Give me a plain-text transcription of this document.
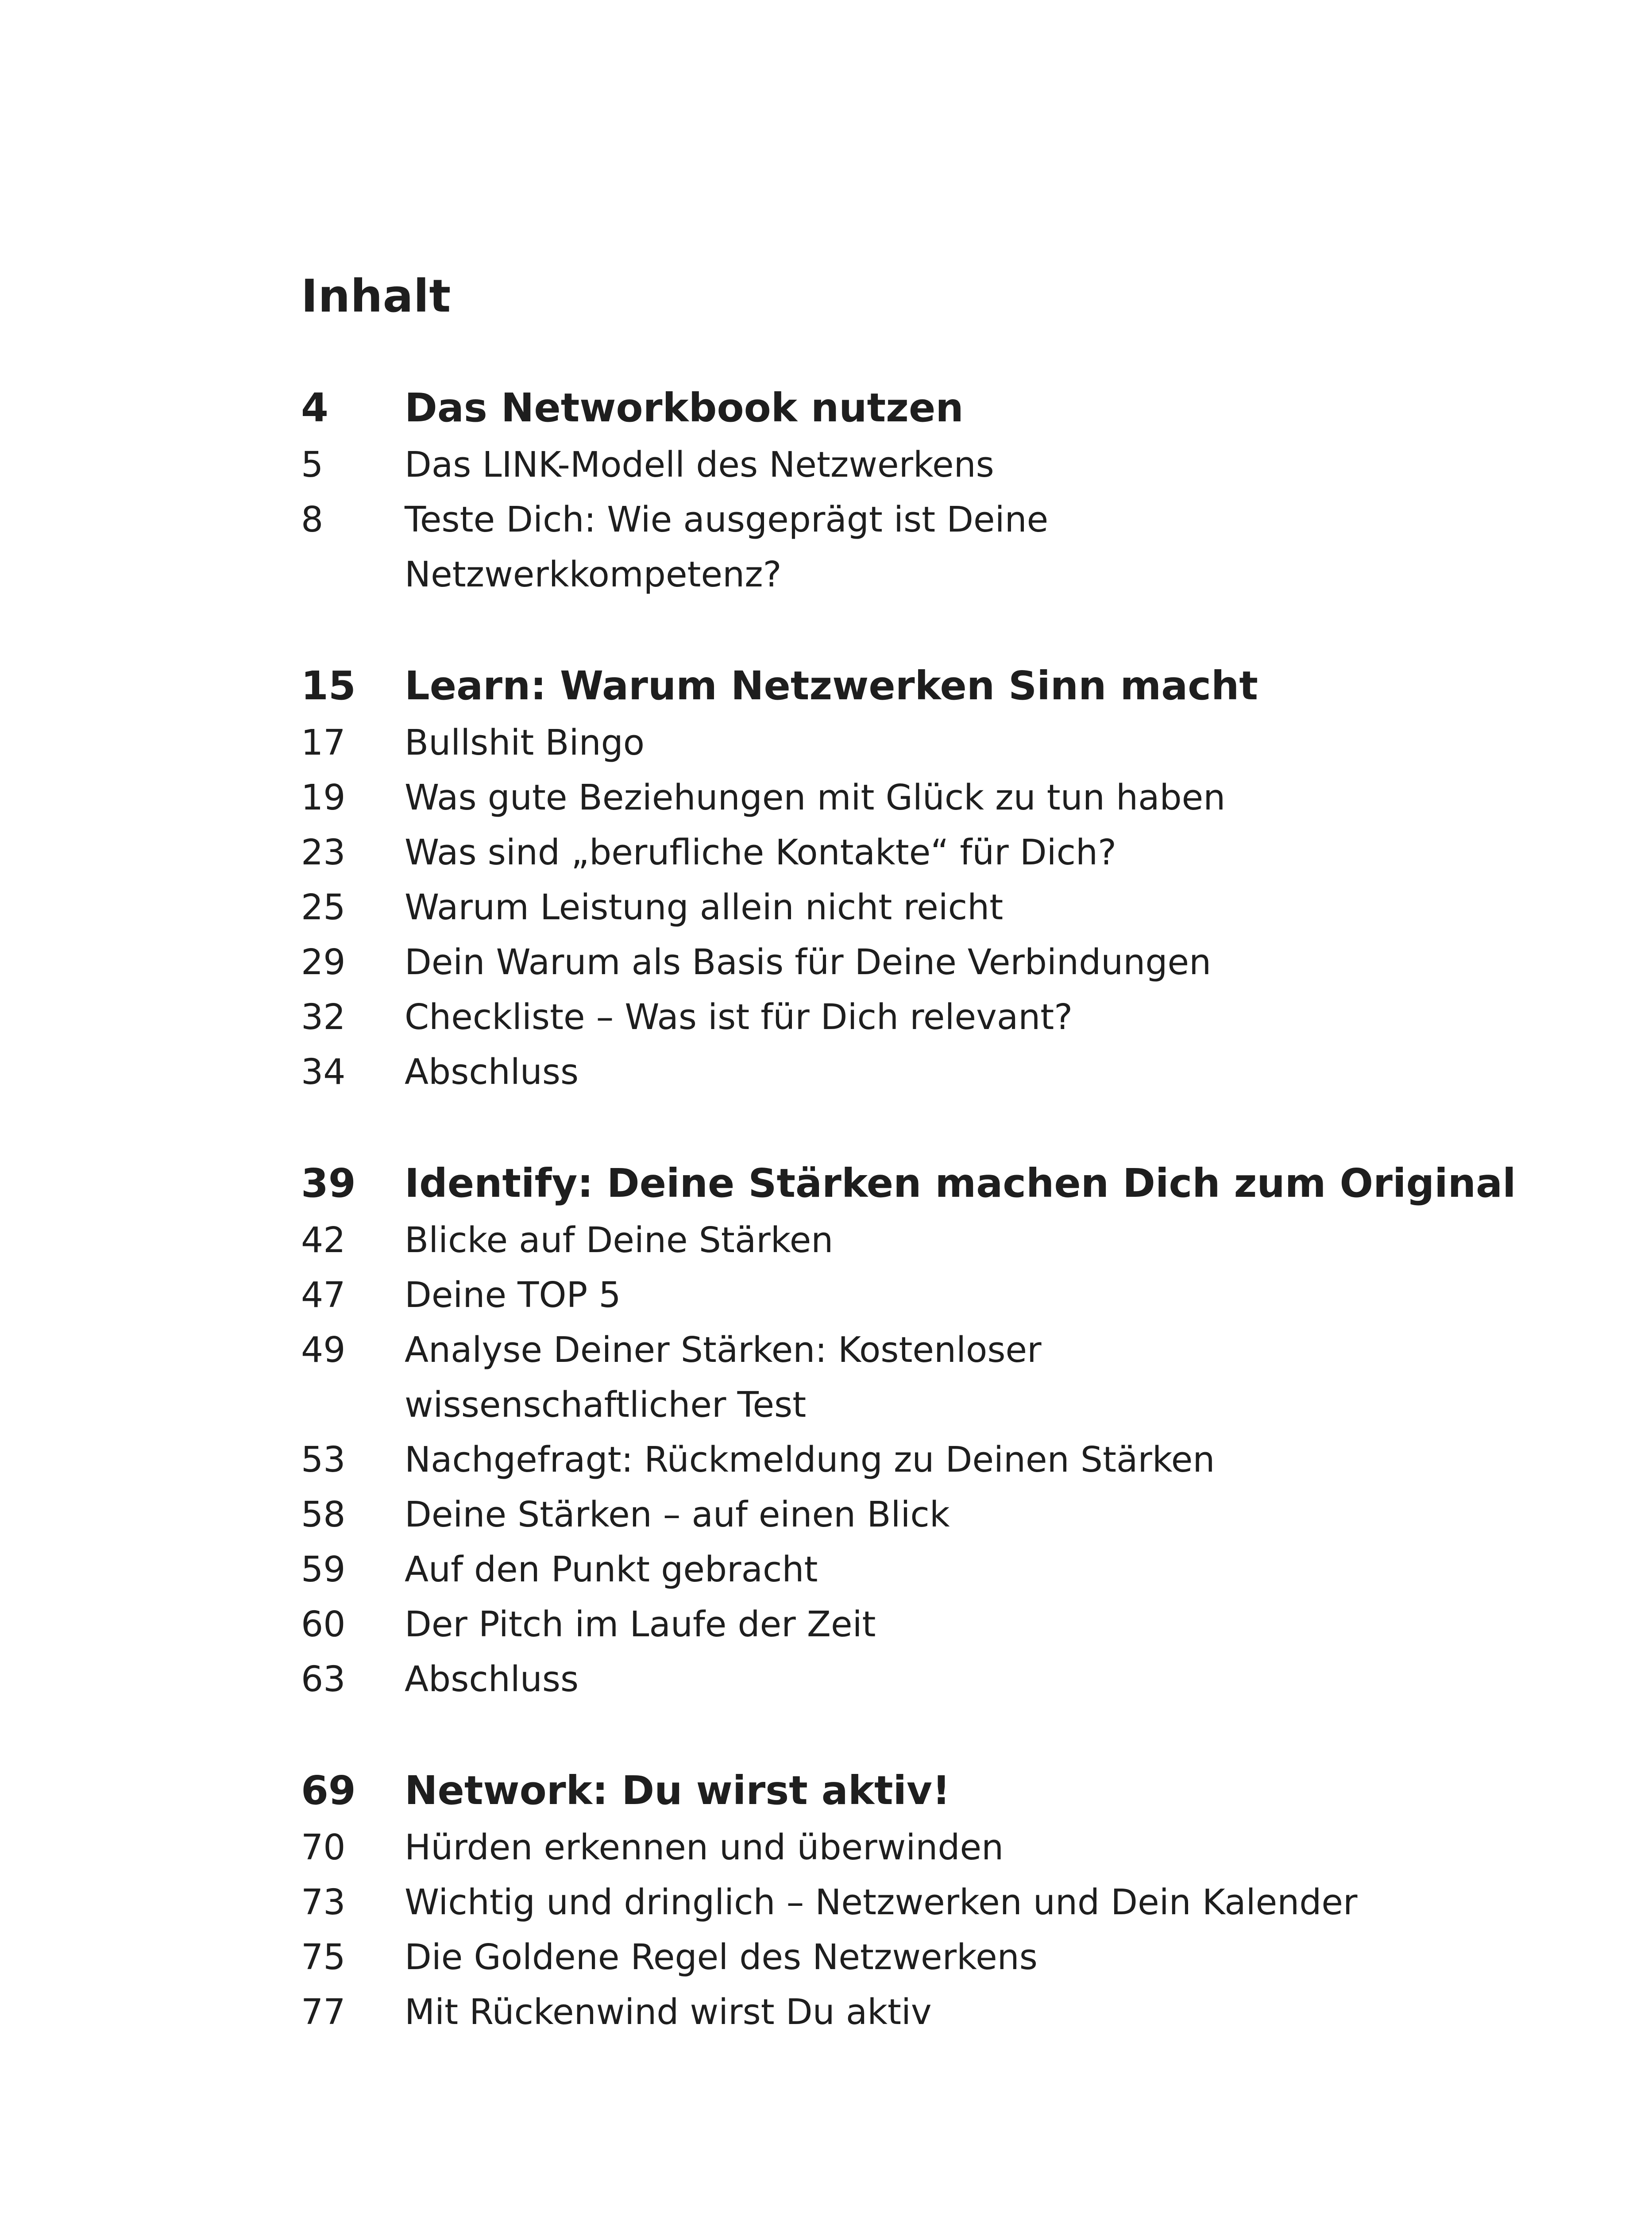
Inhalt
4	Das Networkbook nutzen
5	Das LINK-Modell des Netzwerkens
8	Teste Dich: Wie ausgeprägt ist Deine Netzwerkkompetenz?
15	Learn: Warum Netzwerken Sinn macht
17	Bullshit Bingo
19	Was gute Beziehungen mit Glück zu tun haben
23	Was sind „berufliche Kontakte“ für Dich?
25	Warum Leistung allein nicht reicht
29	Dein Warum als Basis für Deine Verbindungen
32	Checkliste – Was ist für Dich relevant?
34	Abschluss
39	Identify: Deine Stärken machen Dich zum Original
42	Blicke auf Deine Stärken
47	Deine TOP 5
49	Analyse Deiner Stärken: Kostenloser wissenschaftlicher Test
53	Nachgefragt: Rückmeldung zu Deinen Stärken
58	Deine Stärken – auf einen Blick
59	Auf den Punkt gebracht
60	Der Pitch im Laufe der Zeit
63	Abschluss
69	Network: Du wirst aktiv!
70	Hürden erkennen und überwinden
73	Wichtig und dringlich – Netzwerken und Dein Kalender
75	Die Goldene Regel des Netzwerkens
77	Mit Rückenwind wirst Du aktiv
